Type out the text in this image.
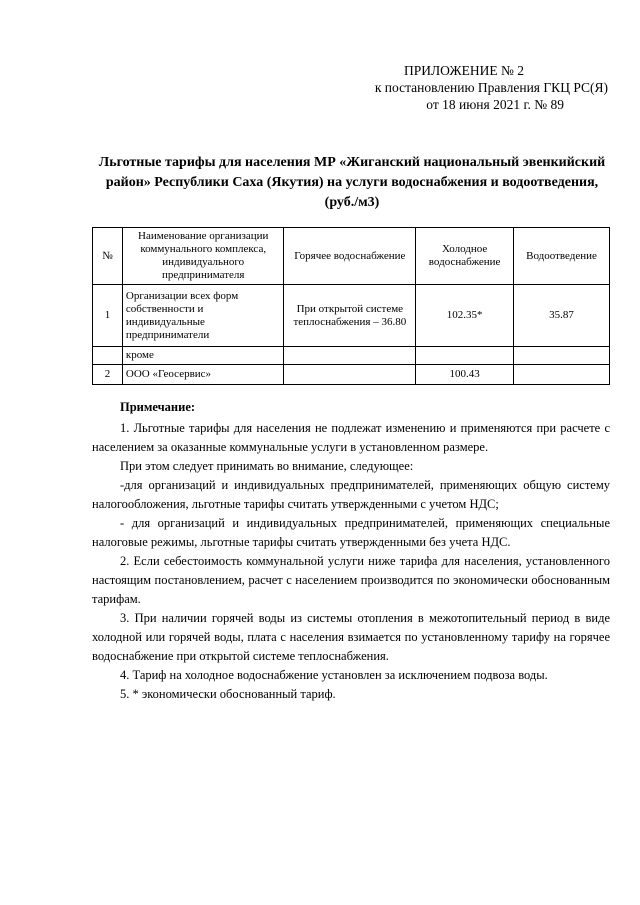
ПРИЛОЖЕНИЕ № 2
к постановлению Правления ГКЦ РС(Я)
от 18 июня 2021 г. № 89
Льготные тарифы для населения МР «Жиганский национальный эвенкийский район» Республики Саха (Якутия) на услуги водоснабжения и водоотведения, (руб./м3)
№	Наименование организации коммунального комплекса, индивидуального предпринимателя	Горячее водоснабжение	Холодное водоснабжение	Водоотведение
1	Организации всех форм собственности и индивидуальные предприниматели	При открытой системе теплоснабжения – 36.80	102.35*	35.87
	кроме			
2	ООО «Геосервис»		100.43	
Примечание:

1. Льготные тарифы для населения не подлежат изменению и применяются при расчете с населением за оказанные коммунальные услуги в установленном размере.

При этом следует принимать во внимание, следующее:

-для организаций и индивидуальных предпринимателей, применяющих общую систему налогообложения, льготные тарифы считать утвержденными с учетом НДС;

- для организаций и индивидуальных предпринимателей, применяющих специальные налоговые режимы, льготные тарифы считать утвержденными без учета НДС.

2. Если себестоимость коммунальной услуги ниже тарифа для населения, установленного настоящим постановлением, расчет с населением производится по экономически обоснованным тарифам.

3. При наличии горячей воды из системы отопления в межотопительный период в виде холодной или горячей воды, плата с населения взимается по установленному тарифу на горячее водоснабжение при открытой системе теплоснабжения.

4. Тариф на холодное водоснабжение установлен за исключением подвоза воды.

5. * экономически обоснованный тариф.
